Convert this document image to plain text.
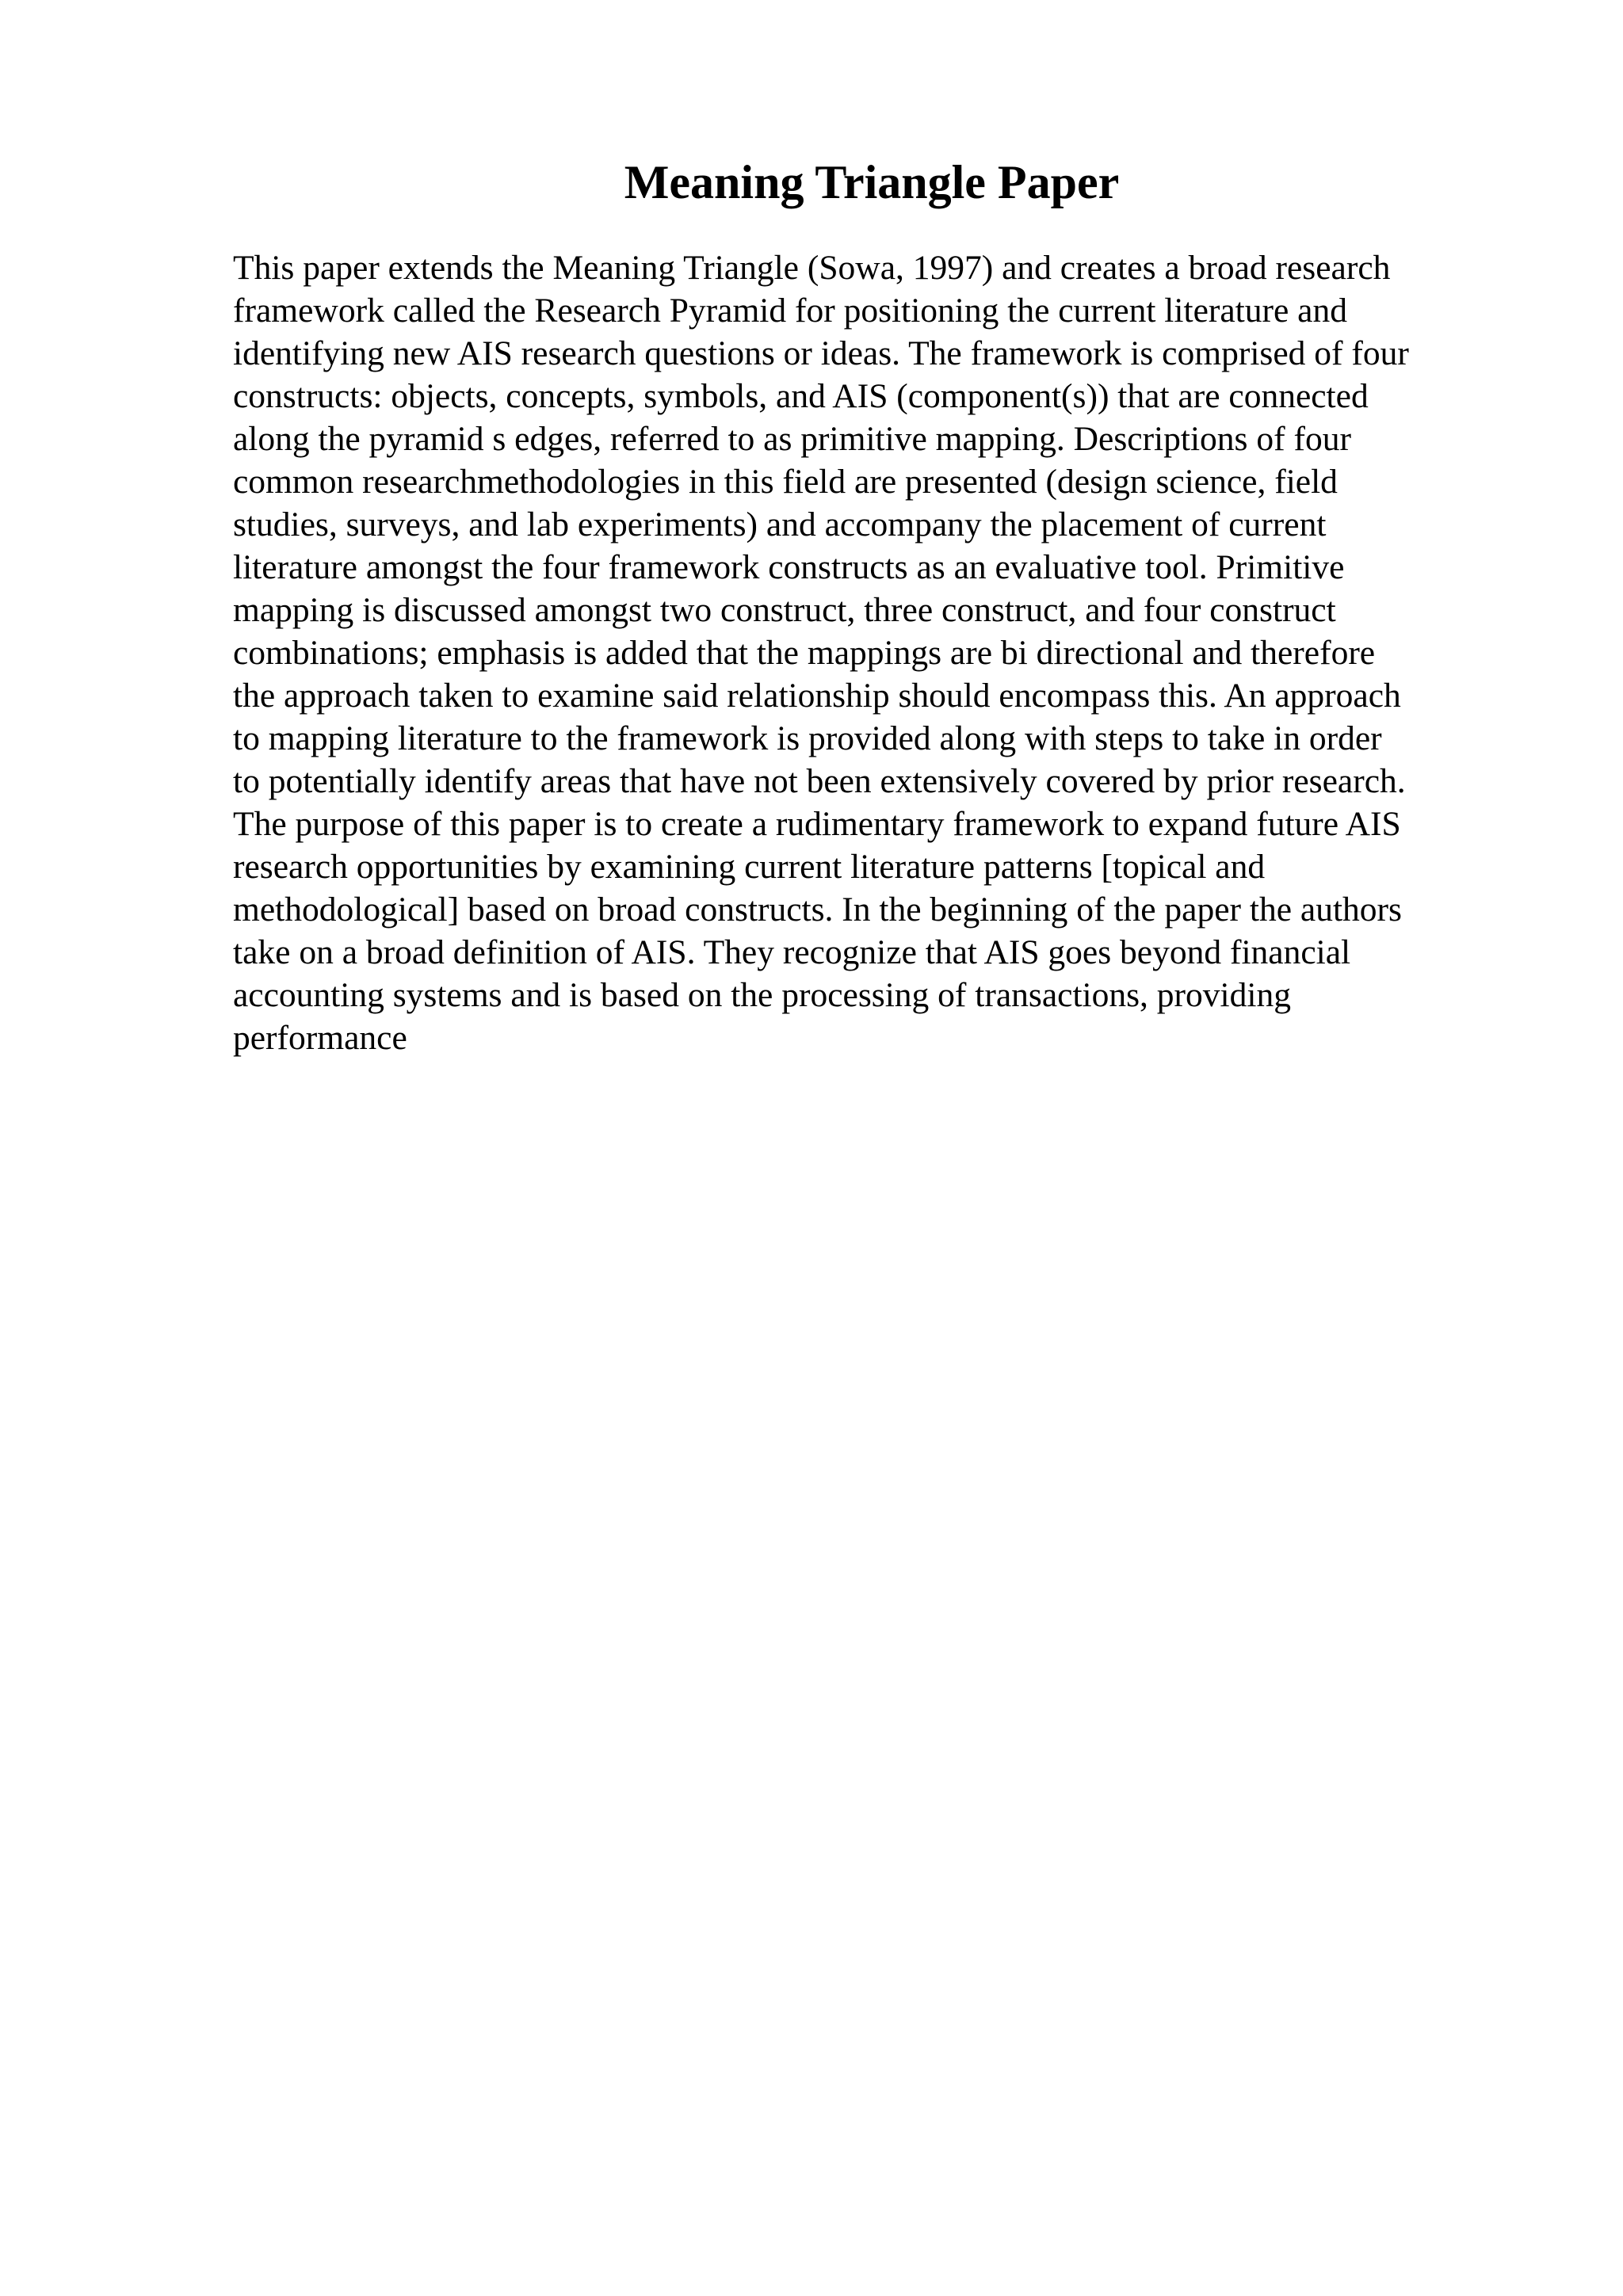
Meaning Triangle Paper
This paper extends the Meaning Triangle (Sowa, 1997) and creates a broad research
framework called the Research Pyramid for positioning the current literature and
identifying new AIS research questions or ideas. The framework is comprised of four
constructs: objects, concepts, symbols, and AIS (component(s)) that are connected
along the pyramid s edges, referred to as primitive mapping. Descriptions of four
common researchmethodologies in this field are presented (design science, field
studies, surveys, and lab experiments) and accompany the placement of current
literature amongst the four framework constructs as an evaluative tool. Primitive
mapping is discussed amongst two construct, three construct, and four construct
combinations; emphasis is added that the mappings are bi directional and therefore
the approach taken to examine said relationship should encompass this. An approach
to mapping literature to the framework is provided along with steps to take in order
to potentially identify areas that have not been extensively covered by prior research.
The purpose of this paper is to create a rudimentary framework to expand future AIS
research opportunities by examining current literature patterns [topical and
methodological] based on broad constructs. In the beginning of the paper the authors
take on a broad definition of AIS. They recognize that AIS goes beyond financial
accounting systems and is based on the processing of transactions, providing
performance
